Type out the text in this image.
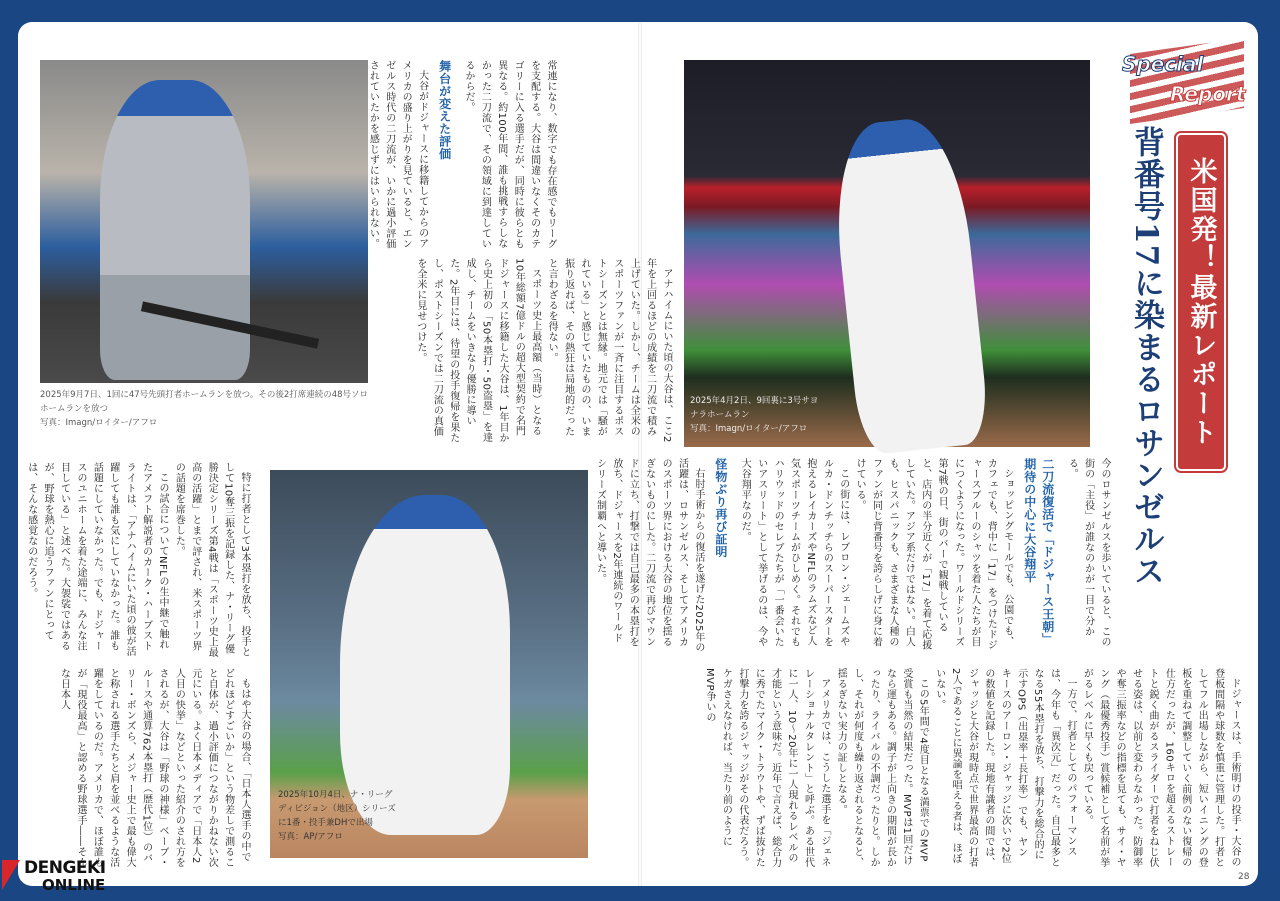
2025年9月7日、1回に47号先頭打者ホームランを放つ。その後2打席連続の48号ソロホームランを放つ
写真：Imagn/ロイター/アフロ
2025年4月2日、9回裏に3号サヨナラホームラン
写真：Imagn/ロイター/アフロ
2025年10月4日、ナ・リーグディビジョン（地区）シリーズに1番・投手兼DHで出場
写真：AP/アフロ

常連になり、数字でも存在感でもリーグを支配する。大谷は間違いなくそのカテゴリーに入る選手だが、同時に彼らとも異なる。約100年間、誰も挑戦すらしなかった二刀流で、その領域に到達しているからだ。

舞台が変えた評価

大谷がドジャースに移籍してからのアメリカの盛り上がりを見ていると、エンゼルス時代の二刀流が、いかに過小評価されていたかを感じずにはいられない。

アナハイムにいた頃の大谷は、ここ2年を上回るほどの成績を二刀流で積み上げていた。しかし、チームは全米のスポーツファンが一斉に注目するポストシーズンとは無縁。地元では「騒がれている」と感じていたものの、いま振り返れば、その熱狂は局地的だったと言わざるを得ない。

スポーツ史上最高額（当時）となる10年総額7億ドルの超大型契約で名門ドジャースに移籍した大谷は、1年目から史上初の「50本塁打・50盗塁」を達成し、チームをいきなり優勝に導いた。2年目には、待望の投手復帰を果たし、ポストシーズンでは二刀流の真価を全米に見せつけた。

特に打者として3本塁打を放ち、投手として10奪三振を記録した、ナ・リーグ優勝決定シリーズ第4戦は「スポーツ史上最高の活躍」とまで評され、米スポーツ界の話題を席巻した。

この試合についてNFLの生中継で触れたアメフト解説者のカーク・ハーブストライトは、「アナハイムにいた頃の彼が活躍しても誰も気にしていなかった。誰も話題にしていなかった。でも、ドジャースのユニホームを着た途端に、みんな注目している」と述べた。大袈裟ではあるが、野球を熱心に追うファンにとっては、そんな感覚なのだろう。

もはや大谷の場合、「日本人選手の中でどれほどすごいか」という物差しで測ること自体が、過小評価につながりかねない次元にいる。よく日本メディアで「日本人2人目の快挙」などといった紹介のされ方をされるが、大谷は「野球の神様」ベーブ・ルースや通算762本塁打（歴代1位）のバリー・ボンズら、メジャー史上で最も偉大と称される選手たちと肩を並べるような活躍をしているのだ。アメリカで、ほぼ誰もが「現役最高」と認める野球選手――そんな日本人

Special
Report
米国発！最新レポート
背番号17に染まるロサンゼルス

今のロサンゼルスを歩いていると、この街の「主役」が誰なのかが一目で分かる。

二刀流復活で「ドジャース王朝」期待の中心に大谷翔平

ショッピングモールでも、公園でも、カフェでも、背中に「17」をつけたドジャースブルーのシャツを着た人たちが目につくようになった。ワールドシリーズ第7戦の日、街のバーで観戦していると、店内の半分近くが「17」を着て応援していた。アジア系だけではない。白人も、ヒスパニックも、さまざまな人種のファンが同じ背番号を誇らしげに身に着けている。

この街には、レブロン・ジェームズやルカ・ドンチッチらのスーパースターを抱えるレイカーズやNFLのラムズなど人気スポーツチームがひしめく。それでもハリウッドのセレブたちが「一番会いたいアスリート」として挙げるのは、今や大谷翔平なのだ。

怪物ぶり再び証明

右肘手術からの復活を遂げた2025年の活躍は、ロサンゼルス、そしてアメリカのスポーツ界における大谷の地位を揺るぎないものにした。二刀流で再びマウンドに立ち、打撃では自己最多の本塁打を放ち、ドジャースを2年連続のワールドシリーズ制覇へと導いた。

ドジャースは、手術明けの投手・大谷の登板間隔や球数を慎重に管理した。打者としてフル出場しながら、短いイニングの登板を重ねて調整していく前例のない復帰の仕方だったが、160キロを超えるストレートと鋭く曲がるスライダーで打者をねじ伏せる姿は、以前と変わらなかった。防御率や奪三振率などの指標を見ても、サイ・ヤング（最優秀投手）賞候補として名前が挙がるレベルに早くも戻っている。

一方で、打者としてのパフォーマンスは、今年も「異次元」だった。自己最多となる55本塁打を放ち、打撃力を総合的に示すOPS（出塁率＋長打率）でも、ヤンキースのアーロン・ジャッジに次いで2位の数値を記録した。現地有識者の間では、ジャッジと大谷が現時点で世界最高の打者2人であることに異論を唱える者は、ほぼいない。

この5年間で4度目となる満票でのMVP受賞も当然の結果だった。MVPは1回だけなら運もある。調子が上向きの期間が長かったり、ライバルの不調だったりと。しかし、それが何度も繰り返されるとなると、揺るぎない実力の証しとなる。

アメリカでは、こうした選手を「ジェネレーショナルタレント」と呼ぶ。ある世代に一人、10～20年に一人現れるレベルの才能という意味だ。近年で言えば、総合力に秀でたマイク・トラウトや、ずば抜けた打撃力を誇るジャッジがその代表だろう。ケガさえなければ、当たり前のようにMVP争いの

28
DENGEKI
ONLINE
